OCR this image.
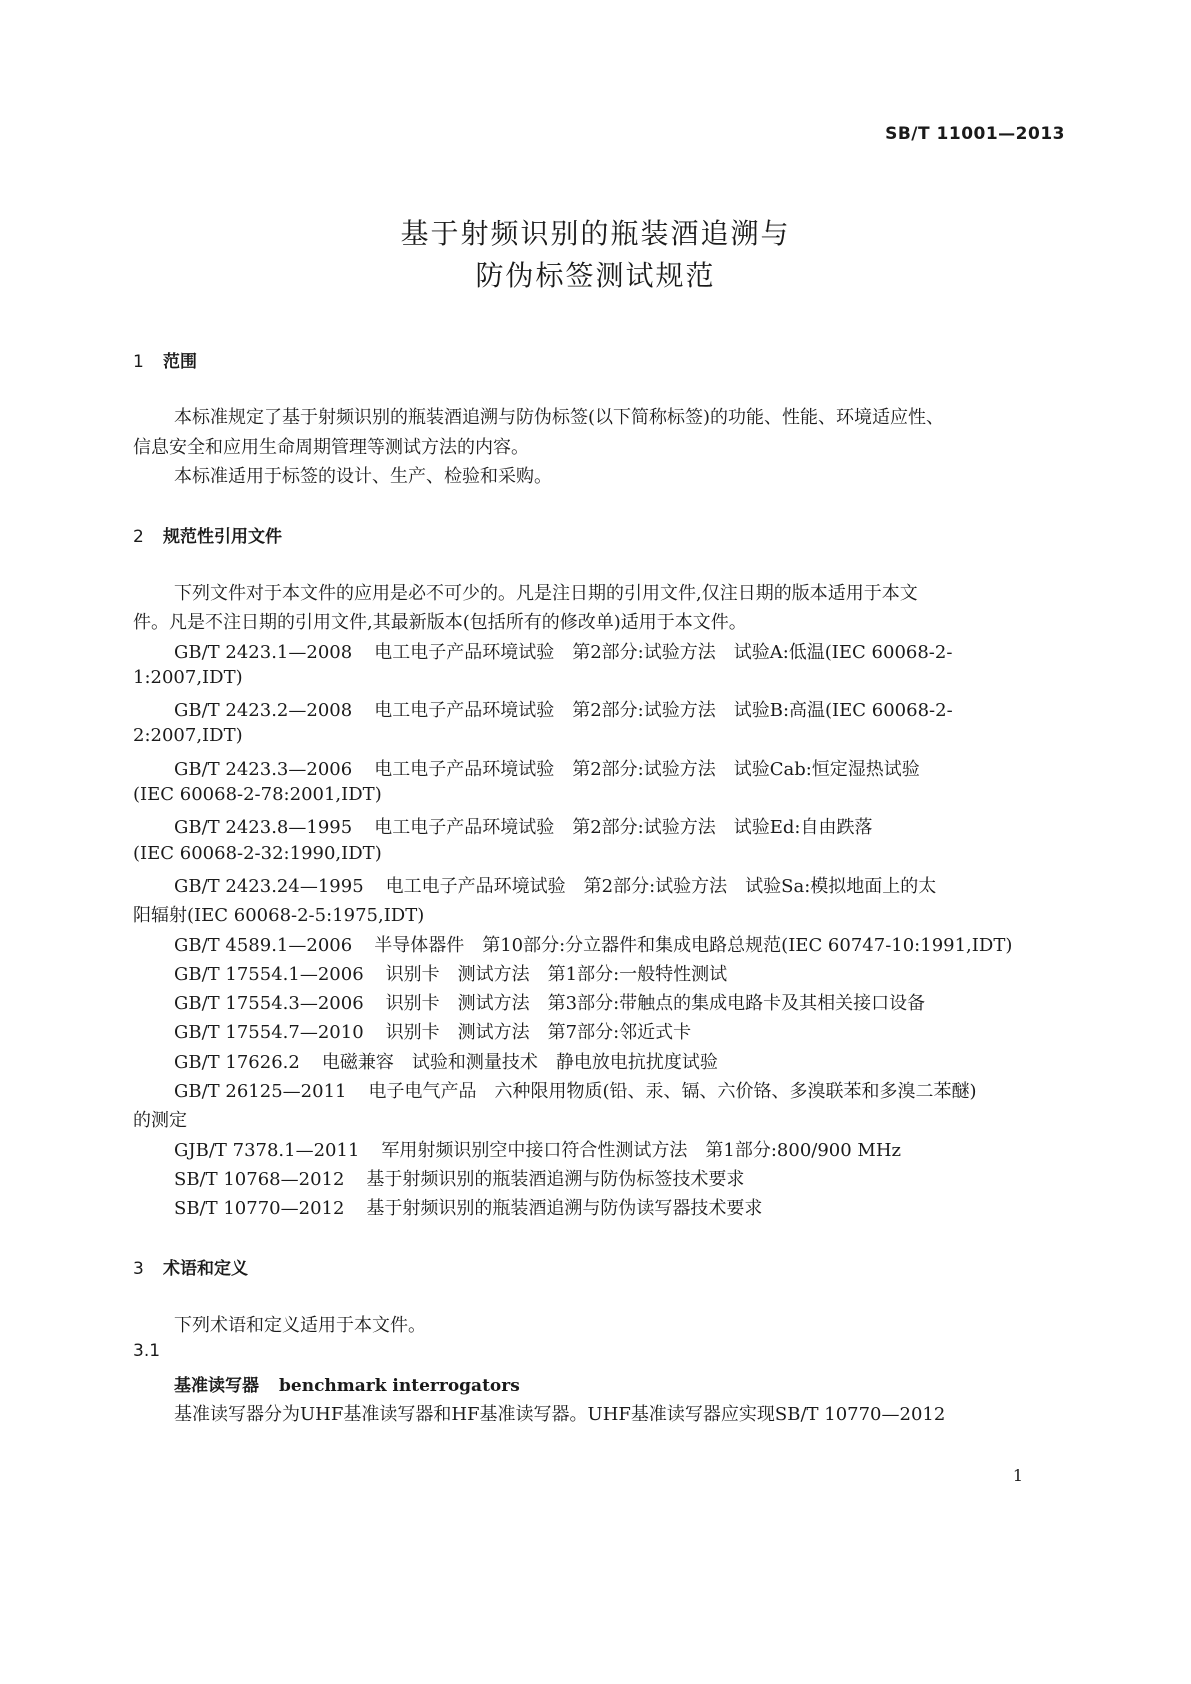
SB/T 11001—2013
基于射频识别的瓶装酒追溯与
防伪标签测试规范
1 范围
本标准规定了基于射频识别的瓶装酒追溯与防伪标签(以下简称标签)的功能、性能、环境适应性、
信息安全和应用生命周期管理等测试方法的内容。
本标准适用于标签的设计、生产、检验和采购。
2 规范性引用文件
下列文件对于本文件的应用是必不可少的。凡是注日期的引用文件,仅注日期的版本适用于本文
件。凡是不注日期的引用文件,其最新版本(包括所有的修改单)适用于本文件。
GB/T 2423.1—2008 电工电子产品环境试验　第2部分:试验方法　试验A:低温(IEC 60068-2-
1:2007,IDT)
GB/T 2423.2—2008 电工电子产品环境试验　第2部分:试验方法　试验B:高温(IEC 60068-2-
2:2007,IDT)
GB/T 2423.3—2006 电工电子产品环境试验　第2部分:试验方法　试验Cab:恒定湿热试验
(IEC 60068-2-78:2001,IDT)
GB/T 2423.8—1995 电工电子产品环境试验　第2部分:试验方法　试验Ed:自由跌落
(IEC 60068-2-32:1990,IDT)
GB/T 2423.24—1995 电工电子产品环境试验　第2部分:试验方法　试验Sa:模拟地面上的太
阳辐射(IEC 60068-2-5:1975,IDT)
GB/T 4589.1—2006 半导体器件　第10部分:分立器件和集成电路总规范(IEC 60747-10:1991,IDT)
GB/T 17554.1—2006 识别卡　测试方法　第1部分:一般特性测试
GB/T 17554.3—2006 识别卡　测试方法　第3部分:带触点的集成电路卡及其相关接口设备
GB/T 17554.7—2010 识别卡　测试方法　第7部分:邻近式卡
GB/T 17626.2 电磁兼容　试验和测量技术　静电放电抗扰度试验
GB/T 26125—2011 电子电气产品　六种限用物质(铅、汞、镉、六价铬、多溴联苯和多溴二苯醚)
的测定
GJB/T 7378.1—2011 军用射频识别空中接口符合性测试方法　第1部分:800/900 MHz
SB/T 10768—2012 基于射频识别的瓶装酒追溯与防伪标签技术要求
SB/T 10770—2012 基于射频识别的瓶装酒追溯与防伪读写器技术要求
3 术语和定义
下列术语和定义适用于本文件。
3.1
基准读写器 benchmark interrogators
基准读写器分为UHF基准读写器和HF基准读写器。UHF基准读写器应实现SB/T 10770—2012
1
